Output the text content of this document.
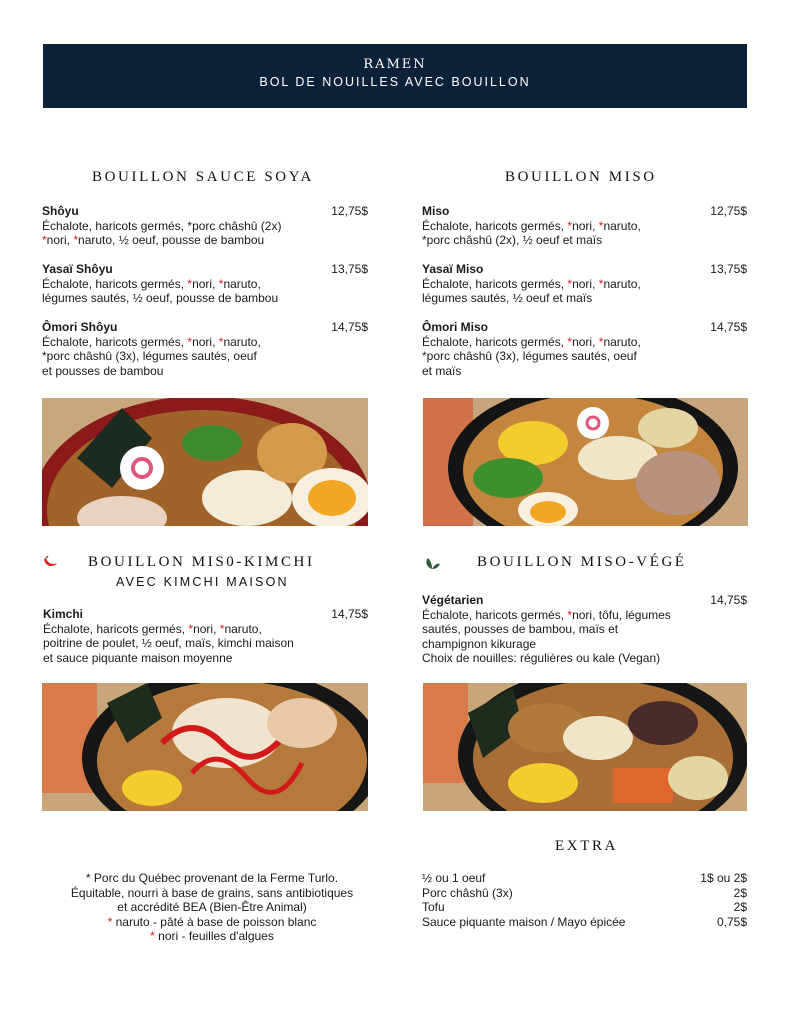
RAMEN
BOL DE NOUILLES AVEC BOUILLON
BOUILLON SAUCE SOYA	BOUILLON MISO
BOUILLON MIS0-KIMCHI
AVEC KIMCHI MAISON
BOUILLON MISO-VÉGÉ
Shôyu	12,75$
Échalote, haricots germés, *porc châshû (2x)
*nori, *naruto, ½ oeuf, pousse de bambou
Yasaï Shôyu	13,75$
Échalote, haricots germés, *nori, *naruto,
légumes sautés, ½ oeuf, pousse de bambou
Ômori Shôyu	14,75$
Échalote, haricots germés, *nori, *naruto,
*porc châshû (3x), légumes sautés, oeuf
et pousses de bambou
Miso	12,75$
Échalote, haricots germés, *nori, *naruto,
*porc châshû (2x), ½ oeuf et maïs
Yasaï Miso	13,75$
Échalote, haricots germés, *nori, *naruto,
légumes sautés, ½ oeuf et maïs
Ômori Miso	14,75$
Échalote, haricots germés, *nori, *naruto,
*porc châshû (3x), légumes sautés, oeuf
et maïs
Kimchi	14,75$
Échalote, haricots germés, *nori, *naruto,
poitrine de poulet, ½ oeuf, maïs, kimchi maison
et sauce piquante maison moyenne
Végétarien	14,75$
Échalote, haricots germés, *nori, tôfu, légumes
sautés, pousses de bambou, maïs et
champignon kikurage
Choix de nouilles: régulières ou kale (Vegan)
* Porc du Québec provenant de la Ferme Turlo.
Équitable, nourri à base de grains, sans antibiotiques
et accrédité BEA (Bien-Être Animal)
* naruto - pâté à base de poisson blanc
* nori - feuilles d'algues
EXTRA
½ ou 1 oeuf	1$ ou 2$
Porc châshû (3x)	2$
Tofu	2$
Sauce piquante maison / Mayo épicée	0,75$
